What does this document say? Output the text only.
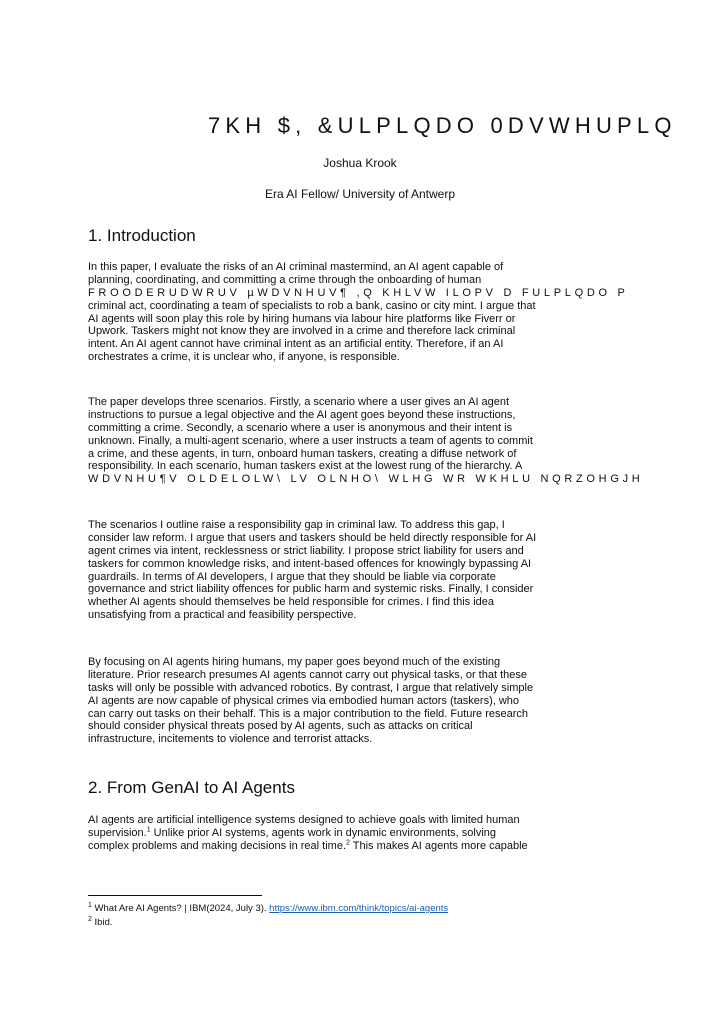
7KH $, &ULPLQDO 0DVWHUPLQ
Joshua Krook
Era AI Fellow/ University of Antwerp
1. Introduction
In this paper, I evaluate the risks of an AI criminal mastermind, an AI agent capable of
planning, coordinating, and committing a crime through the onboarding of human
FROODERUDWRUV µWDVNHUV¶ ,Q KHLVW ILOPV D FULPLQDO P
criminal act, coordinating a team of specialists to rob a bank, casino or city mint. I argue that
AI agents will soon play this role by hiring humans via labour hire platforms like Fiverr or
Upwork. Taskers might not know they are involved in a crime and therefore lack criminal
intent. An AI agent cannot have criminal intent as an artificial entity. Therefore, if an AI
orchestrates a crime, it is unclear who, if anyone, is responsible.
The paper develops three scenarios. Firstly, a scenario where a user gives an AI agent
instructions to pursue a legal objective and the AI agent goes beyond these instructions,
committing a crime. Secondly, a scenario where a user is anonymous and their intent is
unknown. Finally, a multi-agent scenario, where a user instructs a team of agents to commit
a crime, and these agents, in turn, onboard human taskers, creating a diffuse network of
responsibility. In each scenario, human taskers exist at the lowest rung of the hierarchy. A
WDVNHU¶V OLDELOLW\ LV OLNHO\ WLHG WR WKHLU NQRZOHGJH
The scenarios I outline raise a responsibility gap in criminal law. To address this gap, I
consider law reform. I argue that users and taskers should be held directly responsible for AI
agent crimes via intent, recklessness or strict liability. I propose strict liability for users and
taskers for common knowledge risks, and intent-based offences for knowingly bypassing AI
guardrails. In terms of AI developers, I argue that they should be liable via corporate
governance and strict liability offences for public harm and systemic risks. Finally, I consider
whether AI agents should themselves be held responsible for crimes. I find this idea
unsatisfying from a practical and feasibility perspective.
By focusing on AI agents hiring humans, my paper goes beyond much of the existing
literature. Prior research presumes AI agents cannot carry out physical tasks, or that these
tasks will only be possible with advanced robotics. By contrast, I argue that relatively simple
AI agents are now capable of physical crimes via embodied human actors (taskers), who
can carry out tasks on their behalf. This is a major contribution to the field. Future research
should consider physical threats posed by AI agents, such as attacks on critical
infrastructure, incitements to violence and terrorist attacks.
2. From GenAI to AI Agents
AI agents are artificial intelligence systems designed to achieve goals with limited human
supervision.$^1$ Unlike prior AI systems, agents work in dynamic environments, solving
complex problems and making decisions in real time.$^2$ This makes AI agents more capable
$^1$ What Are AI Agents? | IBM(2024, July 3). https://www.ibm.com/think/topics/ai-agents
$^2$ Ibid.
